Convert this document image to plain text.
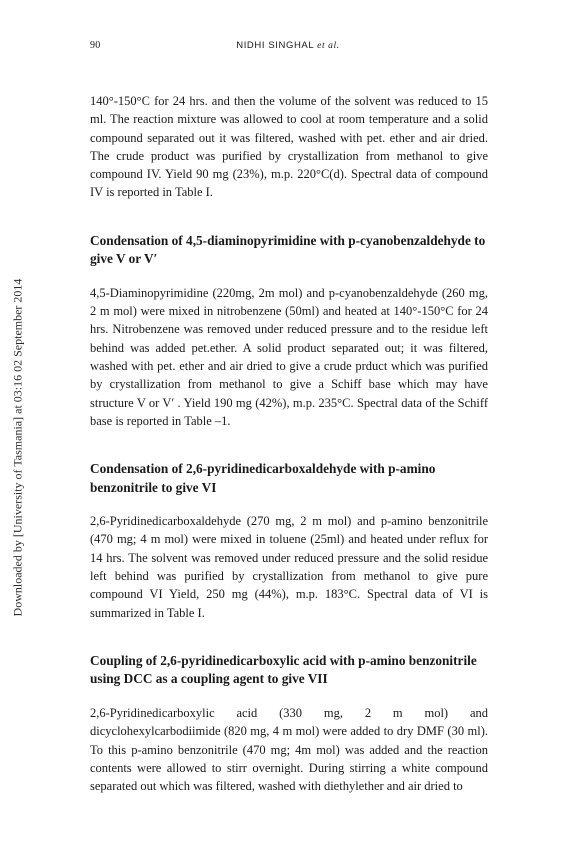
90	NIDHI SINGHAL et al.
Downloaded by [University of Tasmania] at 03:16 02 September 2014

140°-150°C for 24 hrs. and then the volume of the solvent was reduced to 15 ml. The reaction mixture was allowed to cool at room temperature and a solid compound separated out it was filtered, washed with pet. ether and air dried. The crude product was purified by crystallization from methanol to give compound IV. Yield 90 mg (23%), m.p. 220°C(d). Spectral data of compound IV is reported in Table I.

Condensation of 4,5-diaminopyrimidine with p-cyanobenzaldehyde to give V or V′

4,5-Diaminopyrimidine (220mg, 2m mol) and p-cyanobenzaldehyde (260 mg, 2 m mol) were mixed in nitrobenzene (50ml) and heated at 140°-150°C for 24 hrs. Nitrobenzene was removed under reduced pressure and to the residue left behind was added pet.ether. A solid product separated out; it was filtered, washed with pet. ether and air dried to give a crude prduct which was purified by crystallization from methanol to give a Schiff base which may have structure V or V′ . Yield 190 mg (42%), m.p. 235°C. Spectral data of the Schiff base is reported in Table –1.

Condensation of 2,6-pyridinedicarboxaldehyde with p-amino benzonitrile to give VI

2,6-Pyridinedicarboxaldehyde (270 mg, 2 m mol) and p-amino benzonitrile (470 mg; 4 m mol) were mixed in toluene (25ml) and heated under reflux for 14 hrs. The solvent was removed under reduced pressure and the solid residue left behind was purified by crystallization from methanol to give pure compound VI Yield, 250 mg (44%), m.p. 183°C. Spectral data of VI is summarized in Table I.

Coupling of 2,6-pyridinedicarboxylic acid with p-amino benzonitrile using DCC as a coupling agent to give VII

2,6-Pyridinedicarboxylic acid (330 mg, 2 m mol) and dicyclohexylcarbodiimide (820 mg, 4 m mol) were added to dry DMF (30 ml). To this p-amino benzonitrile (470 mg; 4m mol) was added and the reaction contents were allowed to stirr overnight. During stirring a white compound separated out which was filtered, washed with diethylether and air dried to
